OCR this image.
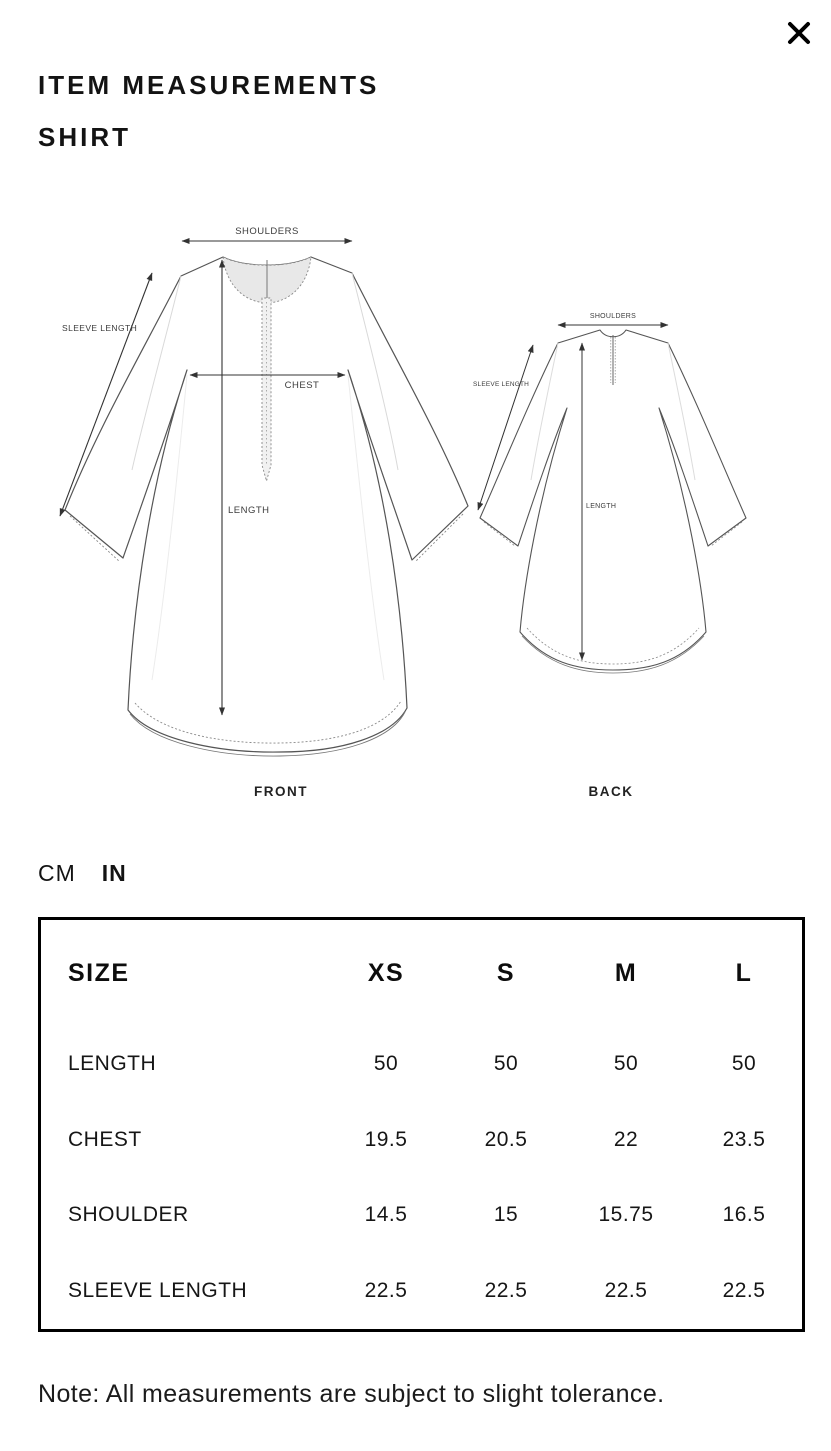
ITEM MEASUREMENTS
SHIRT
SHOULDERS
SLEEVE LENGTH
CHEST
LENGTH
SHOULDERS
SLEEVE LENGTH
LENGTH
FRONT	BACK
CM IN
SIZE	XS	S	M	L
LENGTH	50	50	50	50
CHEST	19.5	20.5	22	23.5
SHOULDER	14.5	15	15.75	16.5
SLEEVE LENGTH	22.5	22.5	22.5	22.5

Note: All measurements are subject to slight tolerance.
